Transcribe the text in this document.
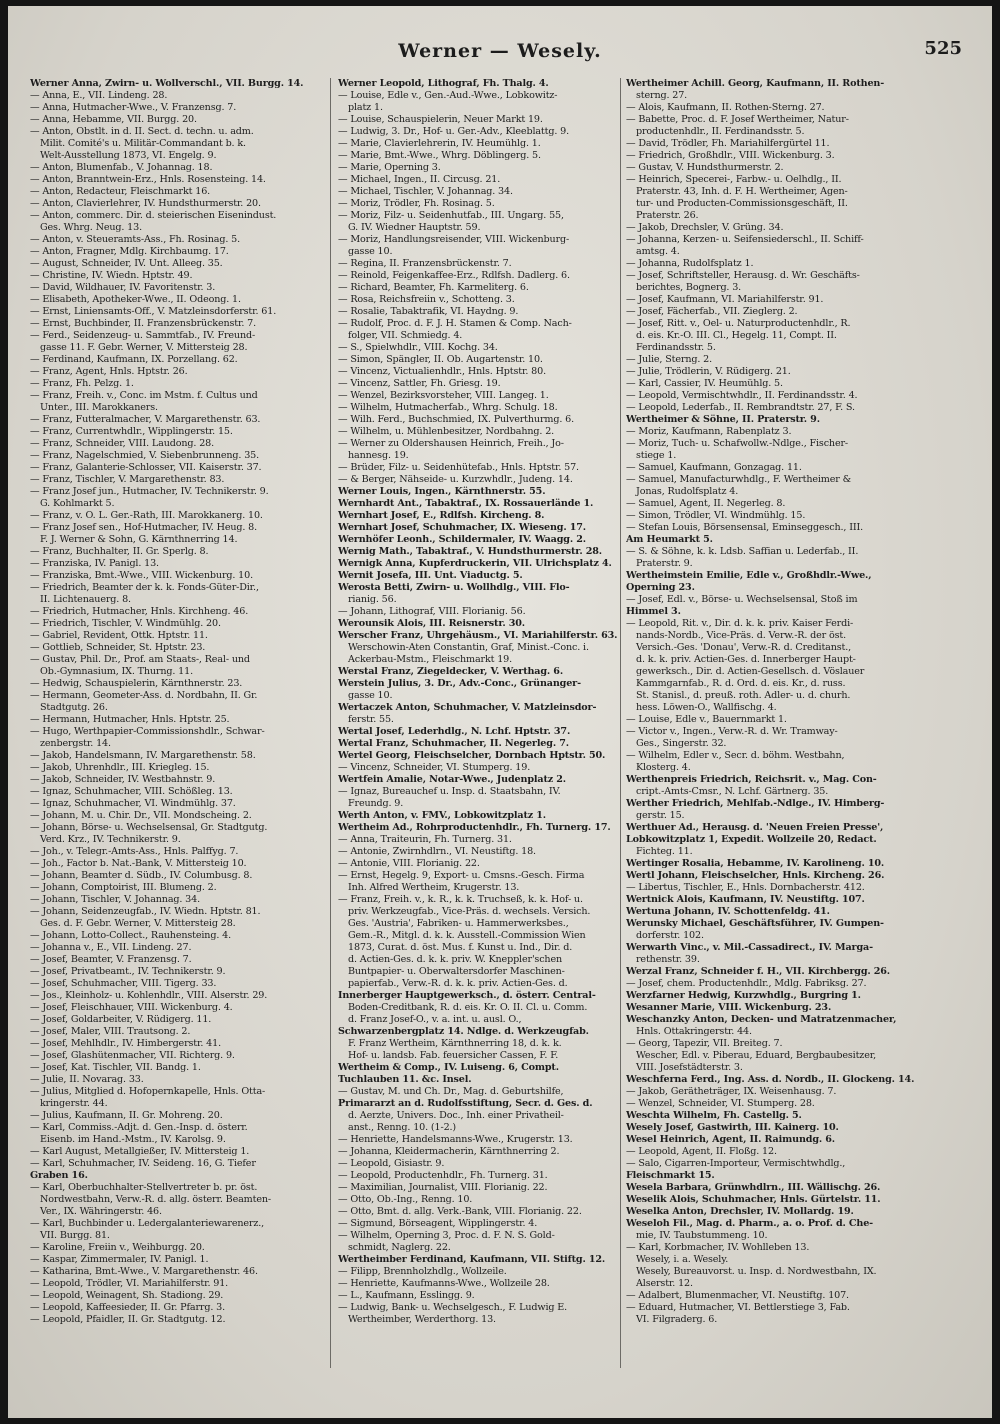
Werner — Wesely.	525
Werner Anna, Zwirn- u. Wollverschl., VII. Burgg. 14.
— Anna, E., VII. Lindeng. 28.
— Anna, Hutmacher-Wwe., V. Franzensg. 7.
— Anna, Hebamme, VII. Burgg. 20.
— Anton, Obstlt. in d. II. Sect. d. techn. u. adm.
Milit. Comité's u. Militär-Commandant b. k.
Welt-Ausstellung 1873, VI. Engelg. 9.
— Anton, Blumenfab., V. Johannag. 18.
— Anton, Branntwein-Erz., Hnls. Rosensteing. 14.
— Anton, Redacteur, Fleischmarkt 16.
— Anton, Clavierlehrer, IV. Hundsthurmerstr. 20.
— Anton, commerc. Dir. d. steierischen Eisenindust.
Ges. Whrg. Neug. 13.
— Anton, v. Steueramts-Ass., Fh. Rosinag. 5.
— Anton, Fragner, Mdlg. Kirchbaumg. 17.
— August, Schneider, IV. Unt. Alleeg. 35.
— Christine, IV. Wiedn. Hptstr. 49.
— David, Wildhauer, IV. Favoritenstr. 3.
— Elisabeth, Apotheker-Wwe., II. Odeong. 1.
— Ernst, Liniensamts-Off., V. Matzleinsdorferstr. 61.
— Ernst, Buchbinder, II. Franzensbrückenstr. 7.
— Ferd., Seidenzeug- u. Sammtfab., IV. Freund-
gasse 11. F. Gebr. Werner, V. Mittersteig 28.
— Ferdinand, Kaufmann, IX. Porzellang. 62.
— Franz, Agent, Hnls. Hptstr. 26.
— Franz, Fh. Pelzg. 1.
— Franz, Freih. v., Conc. im Mstm. f. Cultus und
Unter., III. Marokkaners.
— Franz, Futteralmacher, V. Margarethenstr. 63.
— Franz, Currentwhdlr., Wipplingerstr. 15.
— Franz, Schneider, VIII. Laudong. 28.
— Franz, Nagelschmied, V. Siebenbrunneng. 35.
— Franz, Galanterie-Schlosser, VII. Kaiserstr. 37.
— Franz, Tischler, V. Margarethenstr. 83.
— Franz Josef jun., Hutmacher, IV. Technikerstr. 9.
G. Kohlmarkt 5.
— Franz, v. O. L. Ger.-Rath, III. Marokkanerg. 10.
— Franz Josef sen., Hof-Hutmacher, IV. Heug. 8.
F. J. Werner & Sohn, G. Kärnthnerring 14.
— Franz, Buchhalter, II. Gr. Sperlg. 8.
— Franziska, IV. Panigl. 13.
— Franziska, Bmt.-Wwe., VIII. Wickenburg. 10.
— Friedrich, Beamter der k. k. Fonds-Güter-Dir.,
II. Lichtenauerg. 8.
— Friedrich, Hutmacher, Hnls. Kirchheng. 46.
— Friedrich, Tischler, V. Windmühlg. 20.
— Gabriel, Revident, Ottk. Hptstr. 11.
— Gottlieb, Schneider, St. Hptstr. 23.
— Gustav, Phil. Dr., Prof. am Staats-, Real- und
Ob.-Gymnasium, IX. Thurng. 11.
— Hedwig, Schauspielerin, Kärnthnerstr. 23.
— Hermann, Geometer-Ass. d. Nordbahn, II. Gr.
Stadtgutg. 26.
— Hermann, Hutmacher, Hnls. Hptstr. 25.
— Hugo, Werthpapier-Commissionshdlr., Schwar-
zenbergstr. 14.
— Jakob, Handelsmann, IV. Margarethenstr. 58.
— Jakob, Uhrenhdlr., III. Kriegleg. 15.
— Jakob, Schneider, IV. Westbahnstr. 9.
— Ignaz, Schuhmacher, VIII. Schößleg. 13.
— Ignaz, Schuhmacher, VI. Windmühlg. 37.
— Johann, M. u. Chir. Dr., VII. Mondscheing. 2.
— Johann, Börse- u. Wechselsensal, Gr. Stadtgutg.
Verd. Krz., IV. Technikerstr. 9.
— Joh., v. Telegr.-Amts-Ass., Hnls. Palffyg. 7.
— Joh., Factor b. Nat.-Bank, V. Mittersteig 10.
— Johann, Beamter d. Südb., IV. Columbusg. 8.
— Johann, Comptoirist, III. Blumeng. 2.
— Johann, Tischler, V. Johannag. 34.
— Johann, Seidenzeugfab., IV. Wiedn. Hptstr. 81.
Ges. d. F. Gebr. Werner, V. Mittersteig 28.
— Johann, Lotto-Collect., Rauhensteing. 4.
— Johanna v., E., VII. Lindeng. 27.
— Josef, Beamter, V. Franzensg. 7.
— Josef, Privatbeamt., IV. Technikerstr. 9.
— Josef, Schuhmacher, VIII. Tigerg. 33.
— Jos., Kleinholz- u. Kohlenhdlr., VIII. Alserstr. 29.
— Josef, Fleischhauer, VIII. Wickenburg. 4.
— Josef, Goldarbeiter, V. Rüdigerg. 11.
— Josef, Maler, VIII. Trautsong. 2.
— Josef, Mehlhdlr., IV. Himbergerstr. 41.
— Josef, Glashütenmacher, VII. Richterg. 9.
— Josef, Kat. Tischler, VII. Bandg. 1.
— Julie, II. Novarag. 33.
— Julius, Mitglied d. Hofopernkapelle, Hnls. Otta-
kringerstr. 44.
— Julius, Kaufmann, II. Gr. Mohreng. 20.
— Karl, Commiss.-Adjt. d. Gen.-Insp. d. österr.
Eisenb. im Hand.-Mstm., IV. Karolsg. 9.
— Karl August, Metallgießer, IV. Mittersteig 1.
— Karl, Schuhmacher, IV. Seideng. 16, G. Tiefer
Graben 16.
— Karl, Oberbuchhalter-Stellvertreter b. pr. öst.
Nordwestbahn, Verw.-R. d. allg. österr. Beamten-
Ver., IX. Währingerstr. 46.
— Karl, Buchbinder u. Ledergalanteriewarenerz.,
VII. Burgg. 81.
— Karoline, Freiin v., Weihburgg. 20.
— Kaspar, Zimmermaler, IV. Panigl. 1.
— Katharina, Bmt.-Wwe., V. Margarethenstr. 46.
— Leopold, Trödler, VI. Mariahilferstr. 91.
— Leopold, Weinagent, Sh. Stadiong. 29.
— Leopold, Kaffeesieder, II. Gr. Pfarrg. 3.
— Leopold, Pfaidler, II. Gr. Stadtgutg. 12.
Werner Leopold, Lithograf, Fh. Thalg. 4.
— Louise, Edle v., Gen.-Aud.-Wwe., Lobkowitz-
platz 1.
— Louise, Schauspielerin, Neuer Markt 19.
— Ludwig, 3. Dr., Hof- u. Ger.-Adv., Kleeblattg. 9.
— Marie, Clavierlehrerin, IV. Heumühlg. 1.
— Marie, Bmt.-Wwe., Whrg. Döblingerg. 5.
— Marie, Operning 3.
— Michael, Ingen., II. Circusg. 21.
— Michael, Tischler, V. Johannag. 34.
— Moriz, Trödler, Fh. Rosinag. 5.
— Moriz, Filz- u. Seidenhutfab., III. Ungarg. 55,
G. IV. Wiedner Hauptstr. 59.
— Moriz, Handlungsreisender, VIII. Wickenburg-
gasse 10.
— Regina, II. Franzensbrückenstr. 7.
— Reinold, Feigenkaffee-Erz., Rdlfsh. Dadlerg. 6.
— Richard, Beamter, Fh. Karmeliterg. 6.
— Rosa, Reichsfreiin v., Schotteng. 3.
— Rosalie, Tabaktrafik, VI. Haydng. 9.
— Rudolf, Proc. d. F. J. H. Stamen & Comp. Nach-
folger, VII. Schmiedg. 4.
— S., Spielwhdlr., VIII. Kochg. 34.
— Simon, Spängler, II. Ob. Augartenstr. 10.
— Vincenz, Victualienhdlr., Hnls. Hptstr. 80.
— Vincenz, Sattler, Fh. Griesg. 19.
— Wenzel, Bezirksvorsteher, VIII. Langeg. 1.
— Wilhelm, Hutmacherfab., Whrg. Schulg. 18.
— Wilh. Ferd., Buchschmied, IX. Pulverthurmg. 6.
— Wilhelm, u. Mühlenbesitzer, Nordbahng. 2.
— Werner zu Oldershausen Heinrich, Freih., Jo-
hannesg. 19.
— Brüder, Filz- u. Seidenhütefab., Hnls. Hptstr. 57.
— & Berger, Nähseide- u. Kurzwhdlr., Judeng. 14.
Werner Louis, Ingen., Kärnthnerstr. 55.
Wernhardt Ant., Tabaktraf., IX. Rossauerlände 1.
Wernhart Josef, E., Rdlfsh. Kircheng. 8.
Wernhart Josef, Schuhmacher, IX. Wieseng. 17.
Wernhöfer Leonh., Schildermaler, IV. Waagg. 2.
Wernig Math., Tabaktraf., V. Hundsthurmerstr. 28.
Wernigk Anna, Kupferdruckerin, VII. Ulrichsplatz 4.
Wernit Josefa, III. Unt. Viaductg. 5.
Werosta Betti, Zwirn- u. Wollhdlg., VIII. Flo-
rianig. 56.
— Johann, Lithograf, VIII. Florianig. 56.
Werounsik Alois, III. Reisnerstr. 30.
Werscher Franz, Uhrgehäusm., VI. Mariahilferstr. 63.
Werschowin-Aten Constantin, Graf, Minist.-Conc. i.
Ackerbau-Mstm., Fleischmarkt 19.
Werstal Franz, Ziegeldecker, V. Werthag. 6.
Werstein Julius, 3. Dr., Adv.-Conc., Grünanger-
gasse 10.
Wertaczek Anton, Schuhmacher, V. Matzleinsdor-
ferstr. 55.
Wertal Josef, Lederhdlg., N. Lchf. Hptstr. 37.
Wertal Franz, Schuhmacher, II. Negerleg. 7.
Wertel Georg, Fleischselcher, Dornbach Hptstr. 50.
— Vincenz, Schneider, VI. Stumperg. 19.
Wertfein Amalie, Notar-Wwe., Judenplatz 2.
— Ignaz, Bureauchef u. Insp. d. Staatsbahn, IV.
Freundg. 9.
Werth Anton, v. FMV., Lobkowitzplatz 1.
Wertheim Ad., Rohrproductenhdlr., Fh. Turnerg. 17.
— Anna, Traiteurin, Fh. Turnerg. 31.
— Antonie, Zwirnhdlrn., VI. Neustiftg. 18.
— Antonie, VIII. Florianig. 22.
— Ernst, Hegelg. 9, Export- u. Cmsns.-Gesch. Firma
Inh. Alfred Wertheim, Krugerstr. 13.
— Franz, Freih. v., k. R., k. k. Truchseß, k. k. Hof- u.
priv. Werkzeugfab., Vice-Präs. d. wechsels. Versich.
Ges. 'Austria', Fabriken- u. Hammerwerksbes.,
Gem.-R., Mitgl. d. k. k. Ausstell.-Commission Wien
1873, Curat. d. öst. Mus. f. Kunst u. Ind., Dir. d.
d. Actien-Ges. d. k. k. priv. W. Kneppler'schen
Buntpapier- u. Oberwaltersdorfer Maschinen-
papierfab., Verw.-R. d. k. k. priv. Actien-Ges. d.
Innerberger Hauptgewerksch., d. österr. Central-
Boden-Creditbank, R. d. eis. Kr. O. II. Cl. u. Comm.
d. Franz Josef-O., v. a. int. u. ausl. O.,
Schwarzenbergplatz 14. Ndlge. d. Werkzeugfab.
F. Franz Wertheim, Kärnthnerring 18, d. k. k.
Hof- u. landsb. Fab. feuersicher Cassen, F. F.
Wertheim & Comp., IV. Luiseng. 6, Compt.
Tuchlauben 11. &c. Insel.
— Gustav, M. und Ch. Dr., Mag. d. Geburtshilfe,
Primararzt an d. Rudolfsstiftung, Secr. d. Ges. d.
d. Aerzte, Univers. Doc., Inh. einer Privatheil-
anst., Renng. 10. (1-2.)
— Henriette, Handelsmanns-Wwe., Krugerstr. 13.
— Johanna, Kleidermacherin, Kärnthnerring 2.
— Leopold, Gisiastr. 9.
— Leopold, Productenhdlr., Fh. Turnerg. 31.
— Maximilian, Journalist, VIII. Florianig. 22.
— Otto, Ob.-Ing., Renng. 10.
— Otto, Bmt. d. allg. Verk.-Bank, VIII. Florianig. 22.
— Sigmund, Börseagent, Wipplingerstr. 4.
— Wilhelm, Operning 3, Proc. d. F. N. S. Gold-
schmidt, Naglerg. 22.
Wertheimber Ferdinand, Kaufmann, VII. Stiftg. 12.
— Filipp, Brennholzhdlg., Wollzeile.
— Henriette, Kaufmanns-Wwe., Wollzeile 28.
— L., Kaufmann, Esslingg. 9.
— Ludwig, Bank- u. Wechselgesch., F. Ludwig E.
Wertheimber, Werderthorg. 13.
Wertheimer Achill. Georg, Kaufmann, II. Rothen-
sterng. 27.
— Alois, Kaufmann, II. Rothen-Sterng. 27.
— Babette, Proc. d. F. Josef Wertheimer, Natur-
productenhdlr., II. Ferdinandsstr. 5.
— David, Trödler, Fh. Mariahilfergürtel 11.
— Friedrich, Großhdlr., VIII. Wickenburg. 3.
— Gustav, V. Hundsthurmerstr. 2.
— Heinrich, Specerei-, Farbw.- u. Oelhdlg., II.
Praterstr. 43, Inh. d. F. H. Wertheimer, Agen-
tur- und Producten-Commissionsgeschäft, II.
Praterstr. 26.
— Jakob, Drechsler, V. Grüng. 34.
— Johanna, Kerzen- u. Seifensiederschl., II. Schiff-
amtsg. 4.
— Johanna, Rudolfsplatz 1.
— Josef, Schriftsteller, Herausg. d. Wr. Geschäfts-
berichtes, Bognerg. 3.
— Josef, Kaufmann, VI. Mariahilferstr. 91.
— Josef, Fächerfab., VII. Zieglerg. 2.
— Josef, Ritt. v., Oel- u. Naturproductenhdlr., R.
d. eis. Kr.-O. III. Cl., Hegelg. 11, Compt. II.
Ferdinandsstr. 5.
— Julie, Sterng. 2.
— Julie, Trödlerin, V. Rüdigerg. 21.
— Karl, Cassier, IV. Heumühlg. 5.
— Leopold, Vermischtwhdlr., II. Ferdinandsstr. 4.
— Leopold, Lederfab., II. Rembrandtstr. 27, F. S.
Wertheimer & Söhne, II. Praterstr. 9.
— Moriz, Kaufmann, Rabenplatz 3.
— Moriz, Tuch- u. Schafwollw.-Ndlge., Fischer-
stiege 1.
— Samuel, Kaufmann, Gonzagag. 11.
— Samuel, Manufacturwhdlg., F. Wertheimer &
Jonas, Rudolfsplatz 4.
— Samuel, Agent, II. Negerleg. 8.
— Simon, Trödler, VI. Windmühlg. 15.
— Stefan Louis, Börsensensal, Eminseggesch., III.
Am Heumarkt 5.
— S. & Söhne, k. k. Ldsb. Saffian u. Lederfab., II.
Praterstr. 9.
Wertheimstein Emilie, Edle v., Großhdlr.-Wwe.,
Operning 23.
— Josef, Edl. v., Börse- u. Wechselsensal, Stoß im
Himmel 3.
— Leopold, Rit. v., Dir. d. k. k. priv. Kaiser Ferdi-
nands-Nordb., Vice-Präs. d. Verw.-R. der öst.
Versich.-Ges. 'Donau', Verw.-R. d. Creditanst.,
d. k. k. priv. Actien-Ges. d. Innerberger Haupt-
gewerksch., Dir. d. Actien-Gesellsch. d. Vöslauer
Kammgarnfab., R. d. Ord. d. eis. Kr., d. russ.
St. Stanisl., d. preuß. roth. Adler- u. d. churh.
hess. Löwen-O., Wallfischg. 4.
— Louise, Edle v., Bauernmarkt 1.
— Victor v., Ingen., Verw.-R. d. Wr. Tramway-
Ges., Singerstr. 32.
— Wilhelm, Edler v., Secr. d. böhm. Westbahn,
Klosterg. 4.
Werthenpreis Friedrich, Reichsrit. v., Mag. Con-
cript.-Amts-Cmsr., N. Lchf. Gärtnerg. 35.
Werther Friedrich, Mehlfab.-Ndlge., IV. Himberg-
gerstr. 15.
Werthuer Ad., Herausg. d. 'Neuen Freien Presse',
Lobkowitzplatz 1, Expedit. Wollzeile 20, Redact.
Fichteg. 11.
Wertinger Rosalia, Hebamme, IV. Karolineng. 10.
Wertl Johann, Fleischselcher, Hnls. Kircheng. 26.
— Libertus, Tischler, E., Hnls. Dornbacherstr. 412.
Wertnick Alois, Kaufmann, IV. Neustiftg. 107.
Wertuna Johann, IV. Schottenfeldg. 41.
Werunsky Michael, Geschäftsführer, IV. Gumpen-
dorferstr. 102.
Werwarth Vinc., v. Mil.-Cassadirect., IV. Marga-
rethenstr. 39.
Werzal Franz, Schneider f. H., VII. Kirchbergg. 26.
— Josef, chem. Productenhdlr., Mdlg. Fabriksg. 27.
Werzfarner Hedwig, Kurzwhdlg., Burgring 1.
Wesanner Marie, VIII. Wickenburg. 23.
Weschanzky Anton, Decken- und Matratzenmacher,
Hnls. Ottakringerstr. 44.
— Georg, Tapezir, VII. Breiteg. 7.
Wescher, Edl. v. Piberau, Eduard, Bergbaubesitzer,
VIII. Josefstädterstr. 3.
Weschferna Ferd., Ing. Ass. d. Nordb., II. Glockeng. 14.
— Jakob, Gerätheträger, IX. Weisenhausg. 7.
— Wenzel, Schneider, VI. Stumperg. 28.
Weschta Wilhelm, Fh. Castellg. 5.
Wesely Josef, Gastwirth, III. Kainerg. 10.
Wesel Heinrich, Agent, II. Raimundg. 6.
— Leopold, Agent, II. Floßg. 12.
— Salo, Cigarren-Importeur, Vermischtwhdlg.,
Fleischmarkt 15.
Wesela Barbara, Grünwhdlrn., III. Wällischg. 26.
Weselik Alois, Schuhmacher, Hnls. Gürtelstr. 11.
Weselka Anton, Drechsler, IV. Mollardg. 19.
Weseloh Fil., Mag. d. Pharm., a. o. Prof. d. Che-
mie, IV. Taubstummeng. 10.
— Karl, Korbmacher, IV. Wohlleben 13.
Wesely, i. a. Wesely.
Wesely, Bureauvorst. u. Insp. d. Nordwestbahn, IX.
Alserstr. 12.
— Adalbert, Blumenmacher, VI. Neustiftg. 107.
— Eduard, Hutmacher, VI. Bettlerstiege 3, Fab.
VI. Filgraderg. 6.
